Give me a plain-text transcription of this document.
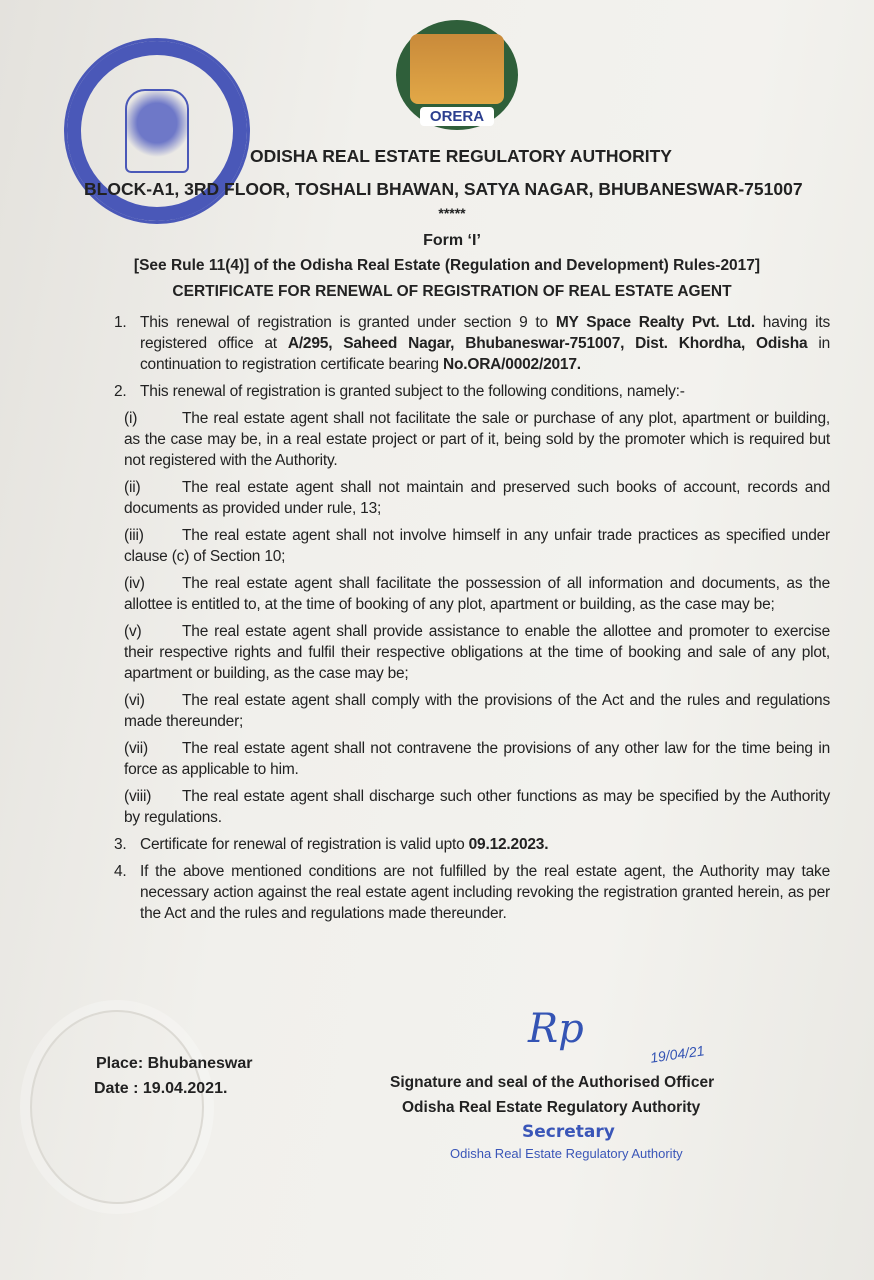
ORERA
ODISHA REAL ESTATE REGULATORY AUTHORITY
BLOCK-A1, 3RD FLOOR, TOSHALI BHAWAN, SATYA NAGAR, BHUBANESWAR-751007
*****
Form ‘I’
[See Rule 11(4)] of the Odisha Real Estate (Regulation and Development) Rules-2017]
CERTIFICATE FOR RENEWAL OF REGISTRATION OF REAL ESTATE AGENT
1. This renewal of registration is granted under section 9 to MY Space Realty Pvt. Ltd. having its registered office at A/295, Saheed Nagar, Bhubaneswar-751007, Dist. Khordha, Odisha in continuation to registration certificate bearing No.ORA/0002/2017.
2. This renewal of registration is granted subject to the following conditions, namely:-
(i)	The real estate agent shall not facilitate the sale or purchase of any plot, apartment or building, as the case may be, in a real estate project or part of it, being sold by the promoter which is required but not registered with the Authority.
(ii)	The real estate agent shall not maintain and preserved such books of account, records and documents as provided under rule, 13;
(iii) The real estate agent shall not involve himself in any unfair trade practices as specified under clause (c) of Section 10;
(iv) The real estate agent shall facilitate the possession of all information and documents, as the allottee is entitled to, at the time of booking of any plot, apartment or building, as the case may be;
(v)	The real estate agent shall provide assistance to enable the allottee and promoter to exercise their respective rights and fulfil their respective obligations at the time of booking and sale of any plot, apartment or building, as the case may be;
(vi) The real estate agent shall comply with the provisions of the Act and the rules and regulations made thereunder;
(vii) The real estate agent shall not contravene the provisions of any other law for the time being in force as applicable to him.
(viii) The real estate agent shall discharge such other functions as may be specified by the Authority by regulations.
3. Certificate for renewal of registration is valid upto 09.12.2023.
4. If the above mentioned conditions are not fulfilled by the real estate agent, the Authority may take necessary action against the real estate agent including revoking the registration granted herein, as per the Act and the rules and regulations made thereunder.
Place: Bhubaneswar
Date : 19.04.2021.
Rp
19/04/21
Signature and seal of the Authorised Officer
Odisha Real Estate Regulatory Authority
Secretary
Odisha Real Estate Regulatory Authority
